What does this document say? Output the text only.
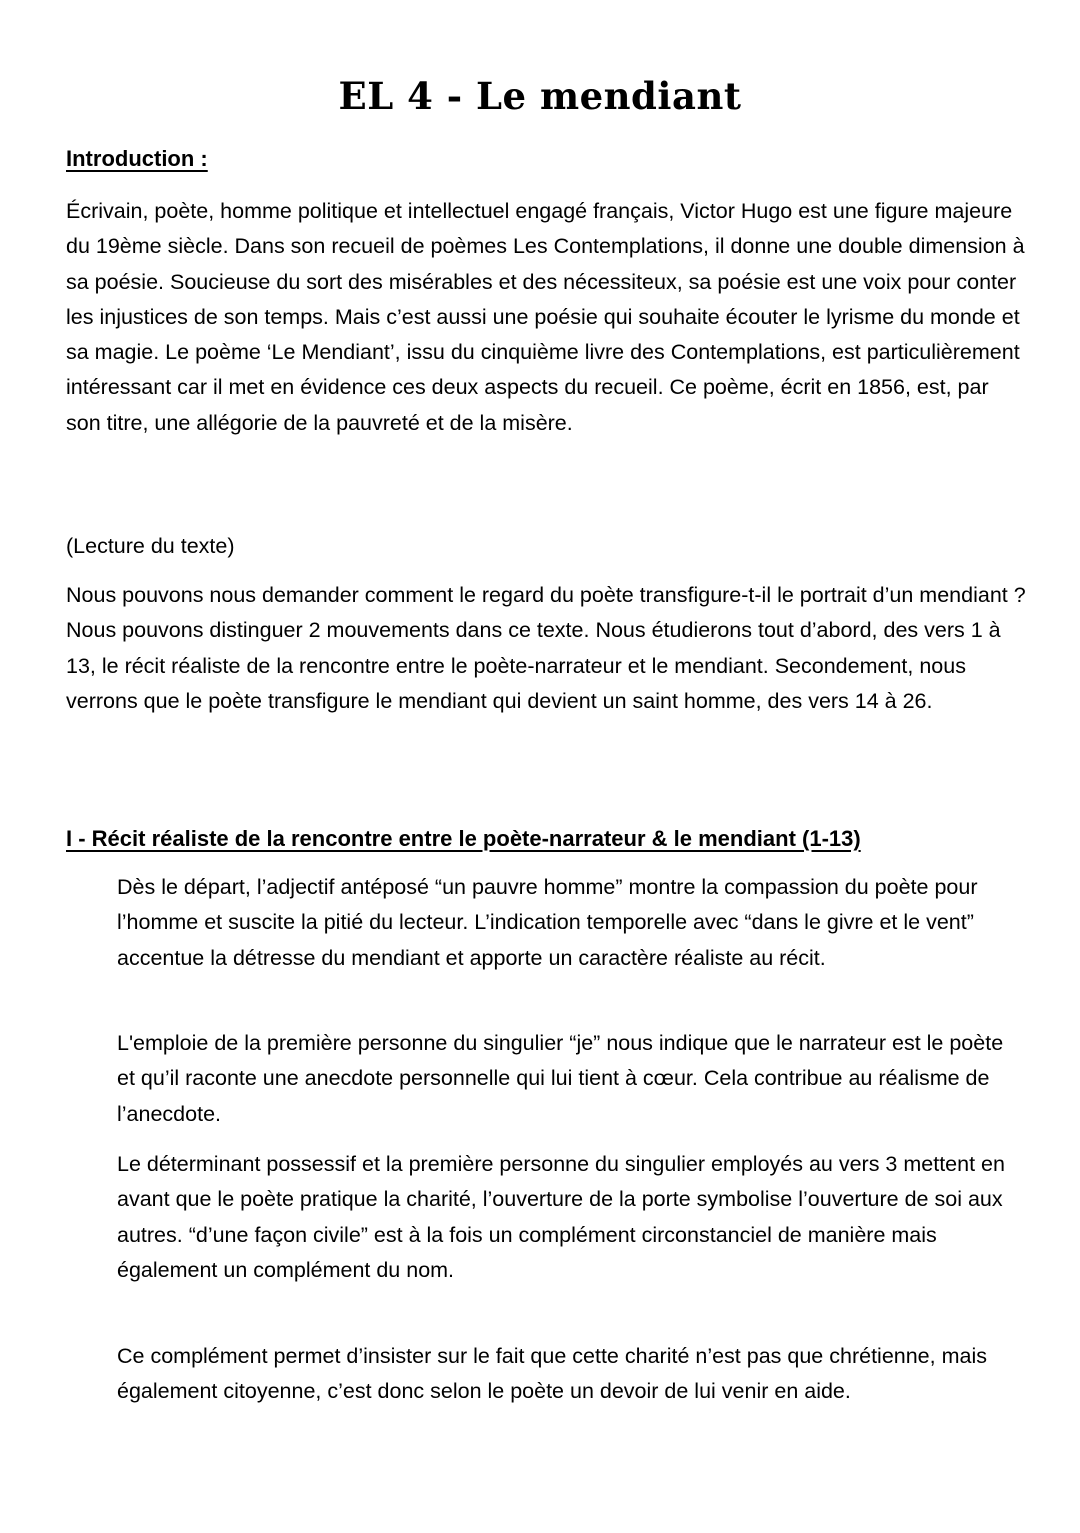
EL 4 - Le mendiant
Introduction :

Écrivain, poète, homme politique et intellectuel engagé français, Victor Hugo est une figure majeure du 19ème siècle. Dans son recueil de poèmes Les Contemplations, il donne une double dimension à sa poésie. Soucieuse du sort des misérables et des nécessiteux, sa poésie est une voix pour conter les injustices de son temps. Mais c’est aussi une poésie qui souhaite écouter le lyrisme du monde et sa magie. Le poème ‘Le Mendiant’, issu du cinquième livre des Contemplations, est particulièrement intéressant car il met en évidence ces deux aspects du recueil. Ce poème, écrit en 1856, est, par son titre, une allégorie de la pauvreté et de la misère.

(Lecture du texte)

Nous pouvons nous demander comment le regard du poète transfigure-t-il le portrait d’un mendiant ? Nous pouvons distinguer 2 mouvements dans ce texte. Nous étudierons tout d’abord, des vers 1 à 13, le récit réaliste de la rencontre entre le poète-narrateur et le mendiant. Secondement, nous verrons que le poète transfigure le mendiant qui devient un saint homme, des vers 14 à 26.

I - Récit réaliste de la rencontre entre le poète-narrateur & le mendiant (1-13)

Dès le départ, l’adjectif antéposé “un pauvre homme” montre la compassion du poète pour l’homme et suscite la pitié du lecteur. L’indication temporelle avec “dans le givre et le vent” accentue la détresse du mendiant et apporte un caractère réaliste au récit.

L'emploie de la première personne du singulier “je” nous indique que le narrateur est le poète et qu’il raconte une anecdote personnelle qui lui tient à cœur. Cela contribue au réalisme de l’anecdote.

Le déterminant possessif et la première personne du singulier employés au vers 3 mettent en avant que le poète pratique la charité, l’ouverture de la porte symbolise l’ouverture de soi aux autres. “d’une façon civile” est à la fois un complément circonstanciel de manière mais également un complément du nom.

Ce complément permet d’insister sur le fait que cette charité n’est pas que chrétienne, mais également citoyenne, c’est donc selon le poète un devoir de lui venir en aide.
